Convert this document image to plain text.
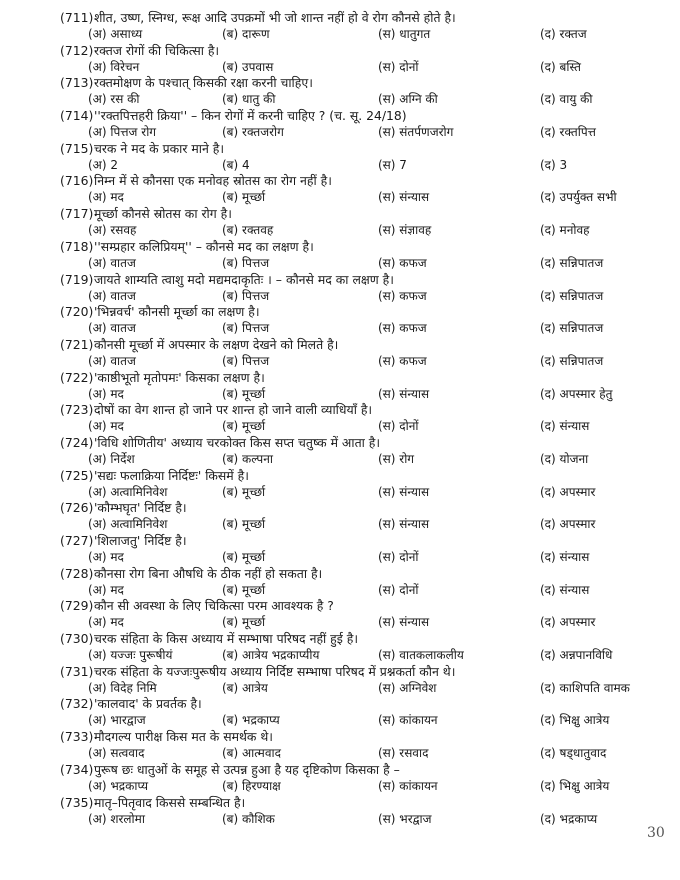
(711)शीत, उष्ण, स्निग्ध, रूक्ष आदि उपक्रमों भी जो शान्त नहीं हो वे रोग कौनसे होते है।
(अ) असाध्य	(ब) दारूण	(स) धातुगत	(द) रक्तज
(712)रक्तज रोगों की चिकित्सा है।
(अ) विरेचन	(ब) उपवास	(स) दोनों	(द) बस्ति
(713)रक्तमोक्षण के पश्चात् किसकी रक्षा करनी चाहिए।
(अ) रस की	(ब) धातु की	(स) अग्नि की	(द) वायु की
(714)''रक्तपित्तहरी क्रिया'' – किन रोगों में करनी चाहिए ? (च. सू. 24/18)
(अ) पित्तज रोग	(ब) रक्तजरोग	(स) संतर्पणजरोग	(द) रक्तपित्त
(715)चरक ने मद के प्रकार माने है।
(अ) 2	(ब) 4	(स) 7	(द) 3
(716)निम्न में से कौनसा एक मनोवह स्रोतस का रोग नहीं है।
(अ) मद	(ब) मूर्च्छा	(स) संन्यास	(द) उपर्युक्त सभी
(717)मूर्च्छा कौनसे स्रोतस का रोग है।
(अ) रसवह	(ब) रक्तवह	(स) संज्ञावह	(द) मनोवह
(718)''सम्प्रहार कलिप्रियम्'' – कौनसे मद का लक्षण है।
(अ) वातज	(ब) पित्तज	(स) कफज	(द) सन्निपातज
(719)जायते शाम्यति त्वाशु मदो मद्यमदाकृतिः । – कौनसे मद का लक्षण है।
(अ) वातज	(ब) पित्तज	(स) कफज	(द) सन्निपातज
(720)'भिन्नवर्च' कौनसी मूर्च्छा का लक्षण है।
(अ) वातज	(ब) पित्तज	(स) कफज	(द) सन्निपातज
(721)कौनसी मूर्च्छा में अपस्मार के लक्षण देखने को मिलते है।
(अ) वातज	(ब) पित्तज	(स) कफज	(द) सन्निपातज
(722)'काष्ठीभूतो मृतोपमः' किसका लक्षण है।
(अ) मद	(ब) मूर्च्छा	(स) संन्यास	(द) अपस्मार हेतु
(723)दोषों का वेग शान्त हो जाने पर शान्त हो जाने वाली व्याधियाँ है।
(अ) मद	(ब) मूर्च्छा	(स) दोनों	(द) संन्यास
(724)'विधि शोणितीय' अध्याय चरकोक्त किस सप्त चतुष्क में आता है।
(अ) निर्देश	(ब) कल्पना	(स) रोग	(द) योजना
(725)'सद्यः फलाक्रिया निर्दिष्टः' किसमें है।
(अ) अत्वामिनिवेश	(ब) मूर्च्छा	(स) संन्यास	(द) अपस्मार
(726)'कौम्भघृत' निर्दिष्ट है।
(अ) अत्वामिनिवेश	(ब) मूर्च्छा	(स) संन्यास	(द) अपस्मार
(727)'शिलाजतु' निर्दिष्ट है।
(अ) मद	(ब) मूर्च्छा	(स) दोनों	(द) संन्यास
(728)कौनसा रोग बिना औषधि के ठीक नहीं हो सकता है।
(अ) मद	(ब) मूर्च्छा	(स) दोनों	(द) संन्यास
(729)कौन सी अवस्था के लिए चिकित्सा परम आवश्यक है ?
(अ) मद	(ब) मूर्च्छा	(स) संन्यास	(द) अपस्मार
(730)चरक संहिता के किस अध्याय में सम्भाषा परिषद नहीं हुई है।
(अ) यज्जः पुरूषीयं	(ब) आत्रेय भद्रकाप्यीय	(स) वातकलाकलीय	(द) अन्नपानविधि
(731)चरक संहिता के यज्जःपुरूषीय अध्याय निर्दिष्ट सम्भाषा परिषद में प्रश्नकर्ता कौन थे।
(अ) विदेह निमि	(ब) आत्रेय	(स) अग्निवेश	(द) काशिपति वामक
(732)'कालवाद' के प्रवर्तक है।
(अ) भारद्वाज	(ब) भद्रकाप्य	(स) कांकायन	(द) भिक्षु आत्रेय
(733)मौदगल्य पारीक्ष किस मत के समर्थक थे।
(अ) सत्ववाद	(ब) आत्मवाद	(स) रसवाद	(द) षड्धातुवाद
(734)पुरूष छः धातुओं के समूह से उत्पन्न हुआ है यह दृष्टिकोण किसका है –
(अ) भद्रकाप्य	(ब) हिरण्याक्ष	(स) कांकायन	(द) भिक्षु आत्रेय
(735)मातृ–पितृवाद किससे सम्बन्धित है।
(अ) शरलोमा	(ब) कौशिक	(स) भरद्वाज	(द) भद्रकाप्य
30
